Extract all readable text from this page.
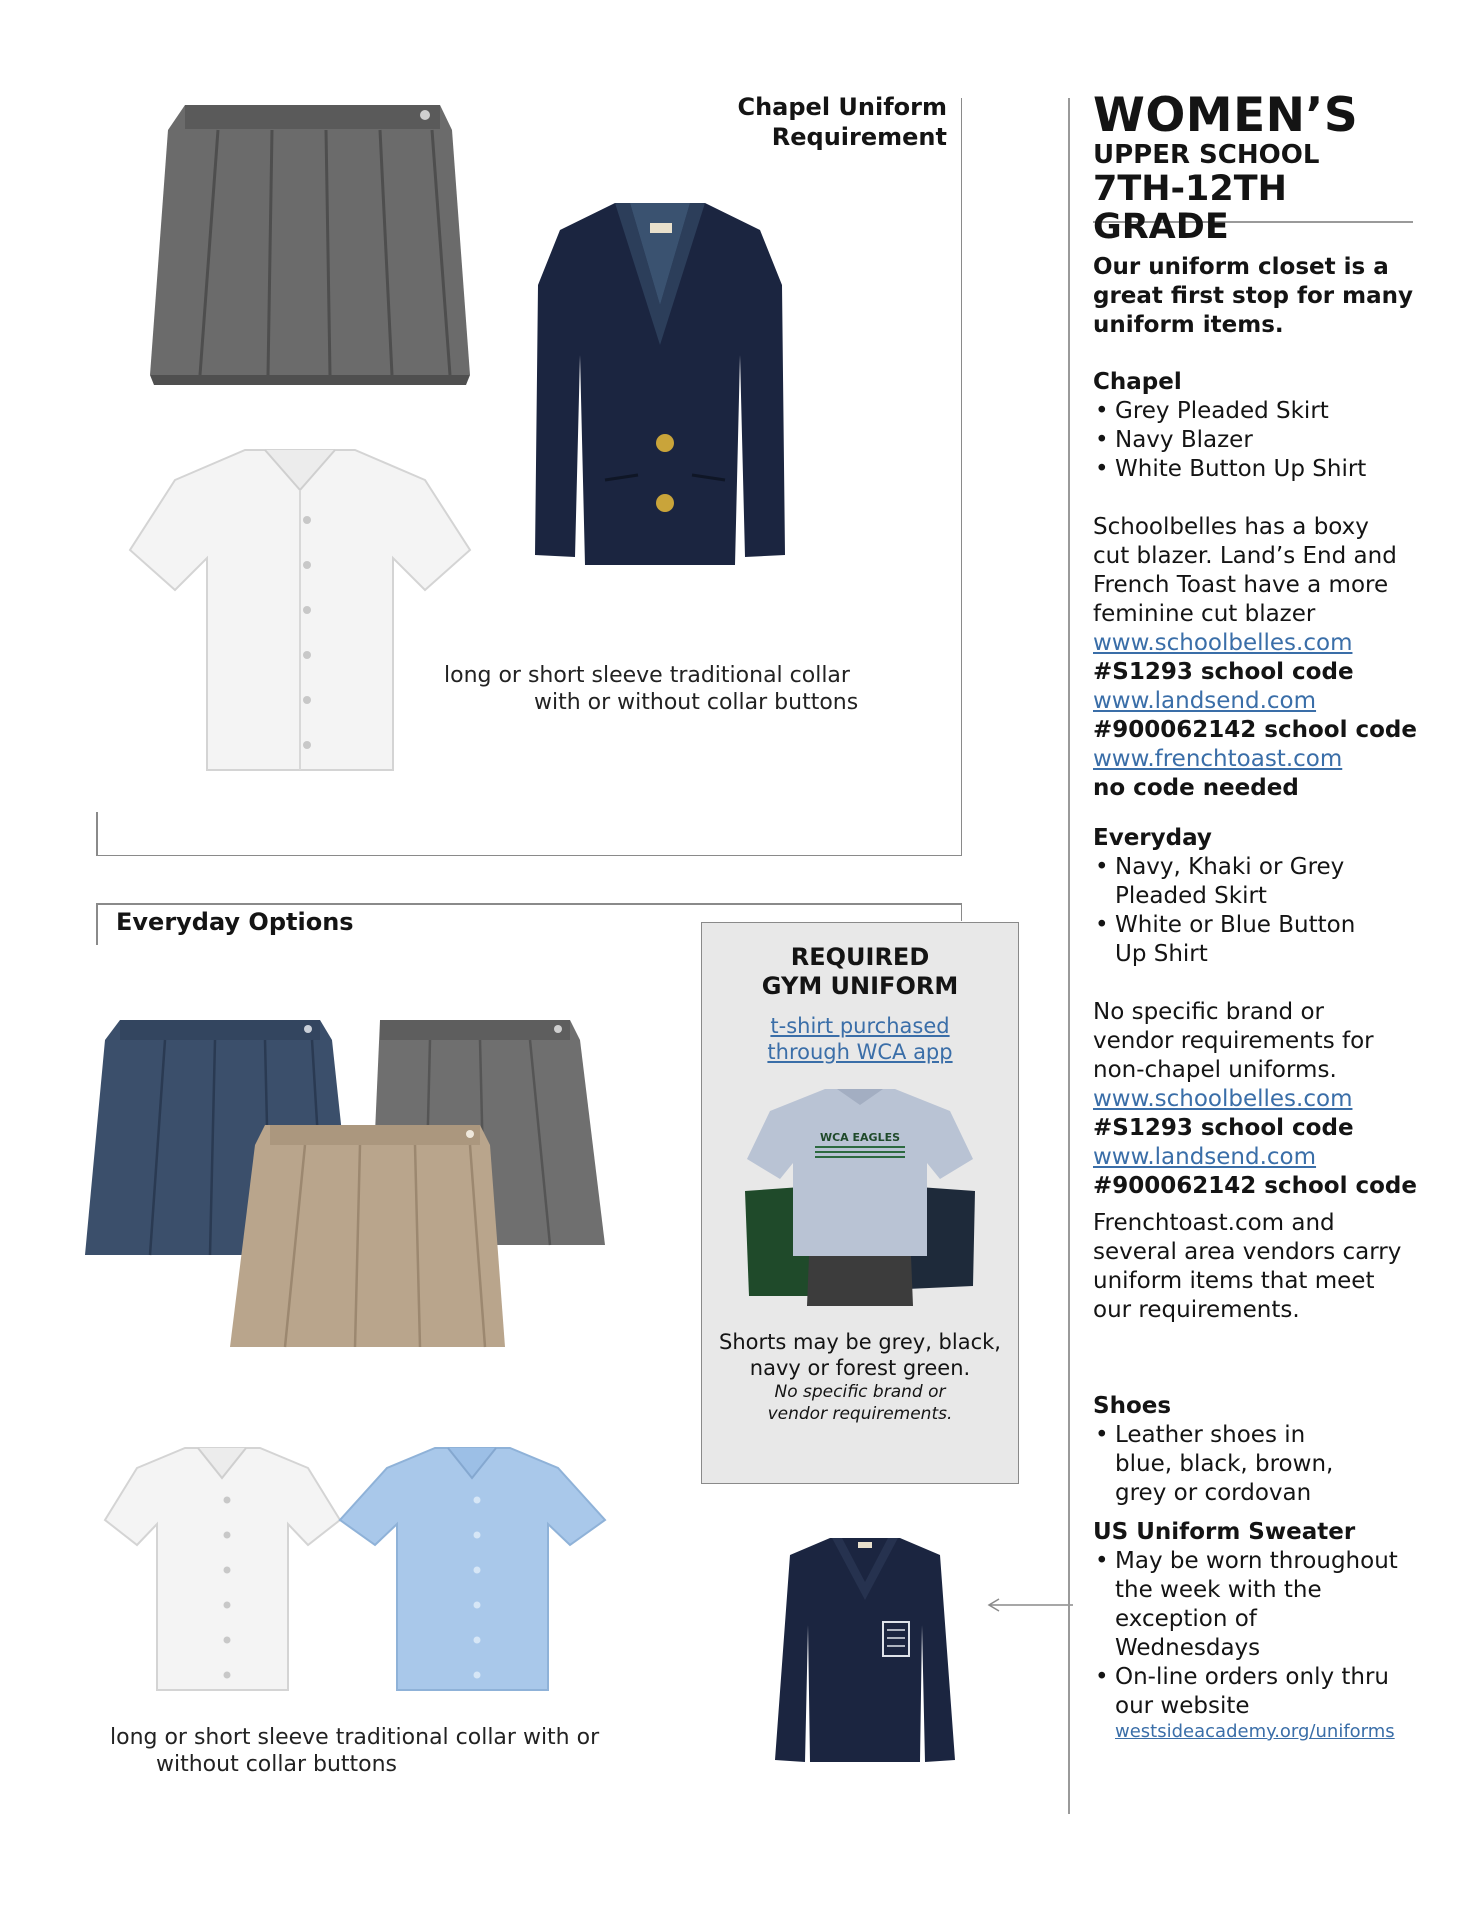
Chapel Uniform
Requirement
long or short sleeve traditional collar
with or without collar buttons
Everyday Options
long or short sleeve traditional collar with or
without collar buttons
REQUIRED
GYM UNIFORM
t-shirt purchased
through WCA app
WCA EAGLES
Shorts may be grey, black,
navy or forest green.
No specific brand or
vendor requirements.
WOMEN’S
UPPER SCHOOL
7TH-12TH GRADE
Our uniform closet is a
great first stop for many
uniform items.
Chapel
• Grey Pleaded Skirt
• Navy Blazer
• White Button Up Shirt
Schoolbelles has a boxy
cut blazer. Land’s End and
French Toast have a more
feminine cut blazer
www.schoolbelles.com
#S1293 school code
www.landsend.com
#900062142 school code
www.frenchtoast.com
no code needed
Everyday
• Navy, Khaki or Grey Pleaded Skirt
• White or Blue Button Up Shirt
No specific brand or
vendor requirements for
non-chapel uniforms.
www.schoolbelles.com
#S1293 school code
www.landsend.com
#900062142 school code
Frenchtoast.com and
several area vendors carry
uniform items that meet
our requirements.
Shoes
• Leather shoes in blue, black, brown, grey or cordovan
US Uniform Sweater
• May be worn throughout the week with the exception of Wednesdays
• On-line orders only thru our website
westsideacademy.org/uniforms
